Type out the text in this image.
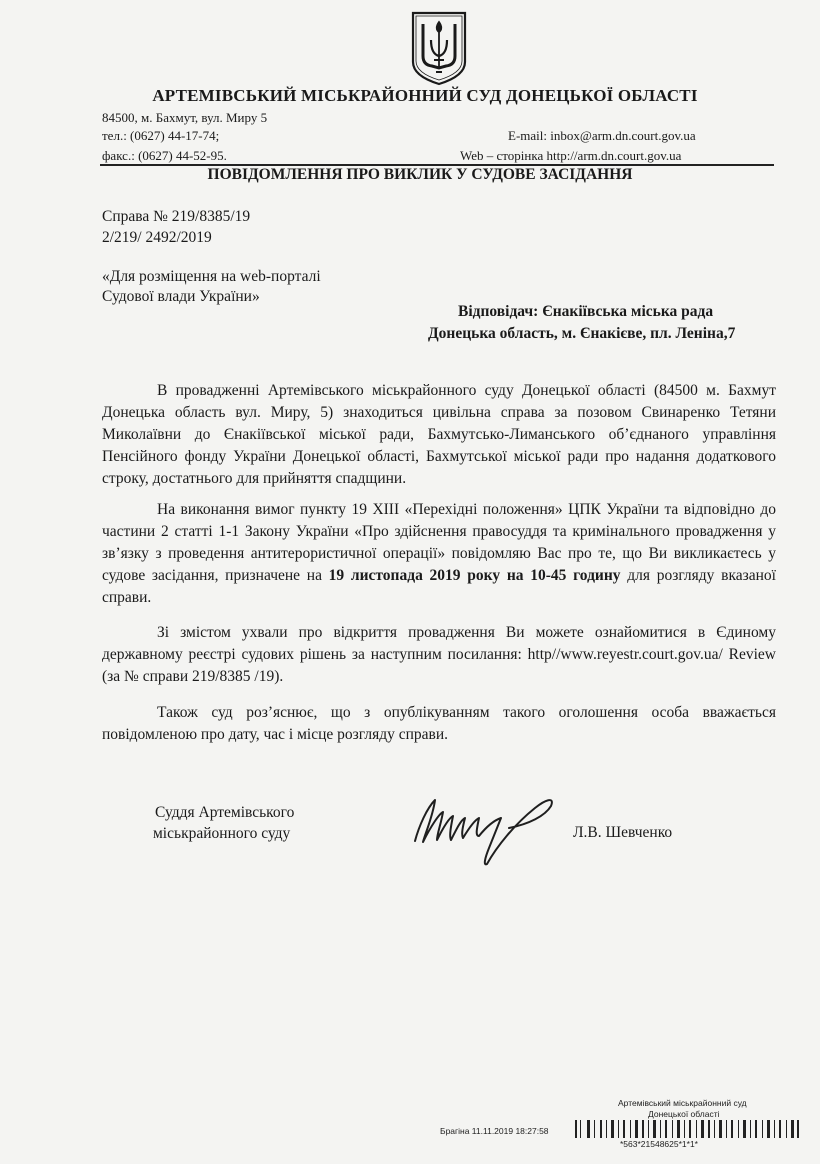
АРТЕМІВСЬКИЙ МІСЬКРАЙОННИЙ СУД ДОНЕЦЬКОЇ ОБЛАСТІ
84500, м. Бахмут, вул. Миру 5
тел.: (0627) 44-17-74;
факс.: (0627) 44-52-95.
E-mail: inbox@arm.dn.court.gov.ua
Web – сторінка http://arm.dn.court.gov.ua
ПОВІДОМЛЕННЯ ПРО ВИКЛИК У СУДОВЕ ЗАСІДАННЯ
Справа № 219/8385/19
2/219/ 2492/2019
«Для розміщення на web-порталі
Судової влади України»
Відповідач: Єнакіївська міська рада
Донецька область, м. Єнакієве, пл. Леніна,7
В провадженні Артемівського міськрайонного суду Донецької області (84500 м. Бахмут Донецька область вул. Миру, 5) знаходиться цивільна справа за позовом Свинаренко Тетяни Миколаївни до Єнакіївської міської ради, Бахмутсько-Лиманського об’єднаного управління Пенсійного фонду України Донецької області, Бахмутської міської ради про надання додаткового строку, достатнього для прийняття спадщини.
На виконання вимог пункту 19 XIII «Перехідні положення» ЦПК України та відповідно до частини 2 статті 1-1 Закону України «Про здійснення правосуддя та кримінального провадження у зв’язку з проведення антитерористичної операції» повідомляю Вас про те, що Ви викликаєтесь у судове засідання, призначене на 19 листопада 2019 року на 10-45 годину для розгляду вказаної справи.
Зі змістом ухвали про відкриття провадження Ви можете ознайомитися в Єдиному державному реєстрі судових рішень за наступним посилання: http//www.reyestr.court.gov.ua/ Review (за № справи 219/8385 /19).
Також суд роз’яснює, що з опублікуванням такого оголошення особа вважається повідомленою про дату, час і місце розгляду справи.
Суддя Артемівського
міськрайонного суду	Л.В. Шевченко
Артемівський міськрайонний суд
Донецької області
Брагіна 11.11.2019 18:27:58
*563*21548625*1*1*
